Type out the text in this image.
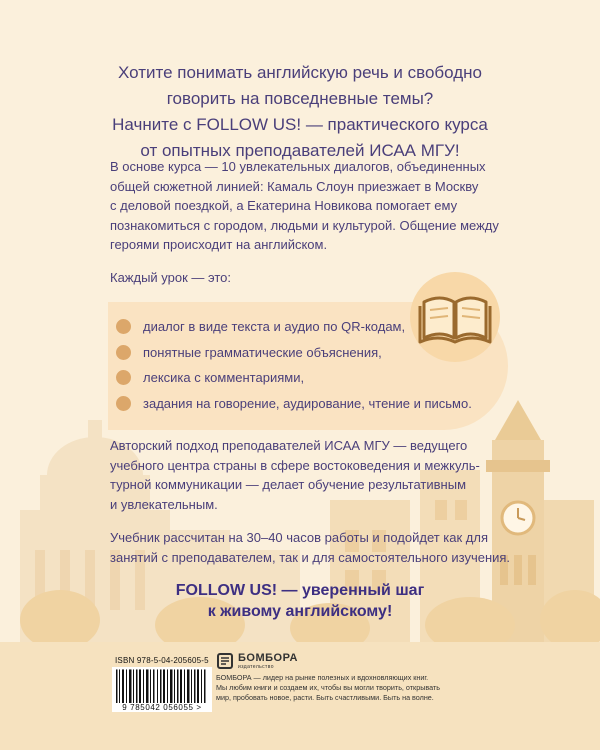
Хотите понимать английскую речь и свободно
говорить на повседневные темы?
Начните с FOLLOW US! — практического курса
от опытных преподавателей ИСАА МГУ!
В основе курса — 10 увлекательных диалогов, объединенных
общей сюжетной линией: Камаль Слоун приезжает в Москву
с деловой поездкой, а Екатерина Новикова помогает ему
познакомиться с городом, людьми и культурой. Общение между
героями происходит на английском.
Каждый урок — это:
диалог в виде текста и аудио по QR-кодам,
понятные грамматические объяснения,
лексика с комментариями,
задания на говорение, аудирование, чтение и письмо.
Авторский подход преподавателей ИСАА МГУ — ведущего
учебного центра страны в сфере востоковедения и межкуль-
турной коммуникации — делает обучение результативным
и увлекательным.
Учебник рассчитан на 30–40 часов работы и подойдет как для
занятий с преподавателем, так и для самостоятельного изучения.
FOLLOW US! — уверенный шаг
к живому английскому!
ISBN 978-5-04-205605-5
9 785042 056055 >
БОМБОРА
издательство
БОМБОРА — лидер на рынке полезных и вдохновляющих книг.
Мы любим книги и создаем их, чтобы вы могли творить, открывать
мир, пробовать новое, расти. Быть счастливыми. Быть на волне.
